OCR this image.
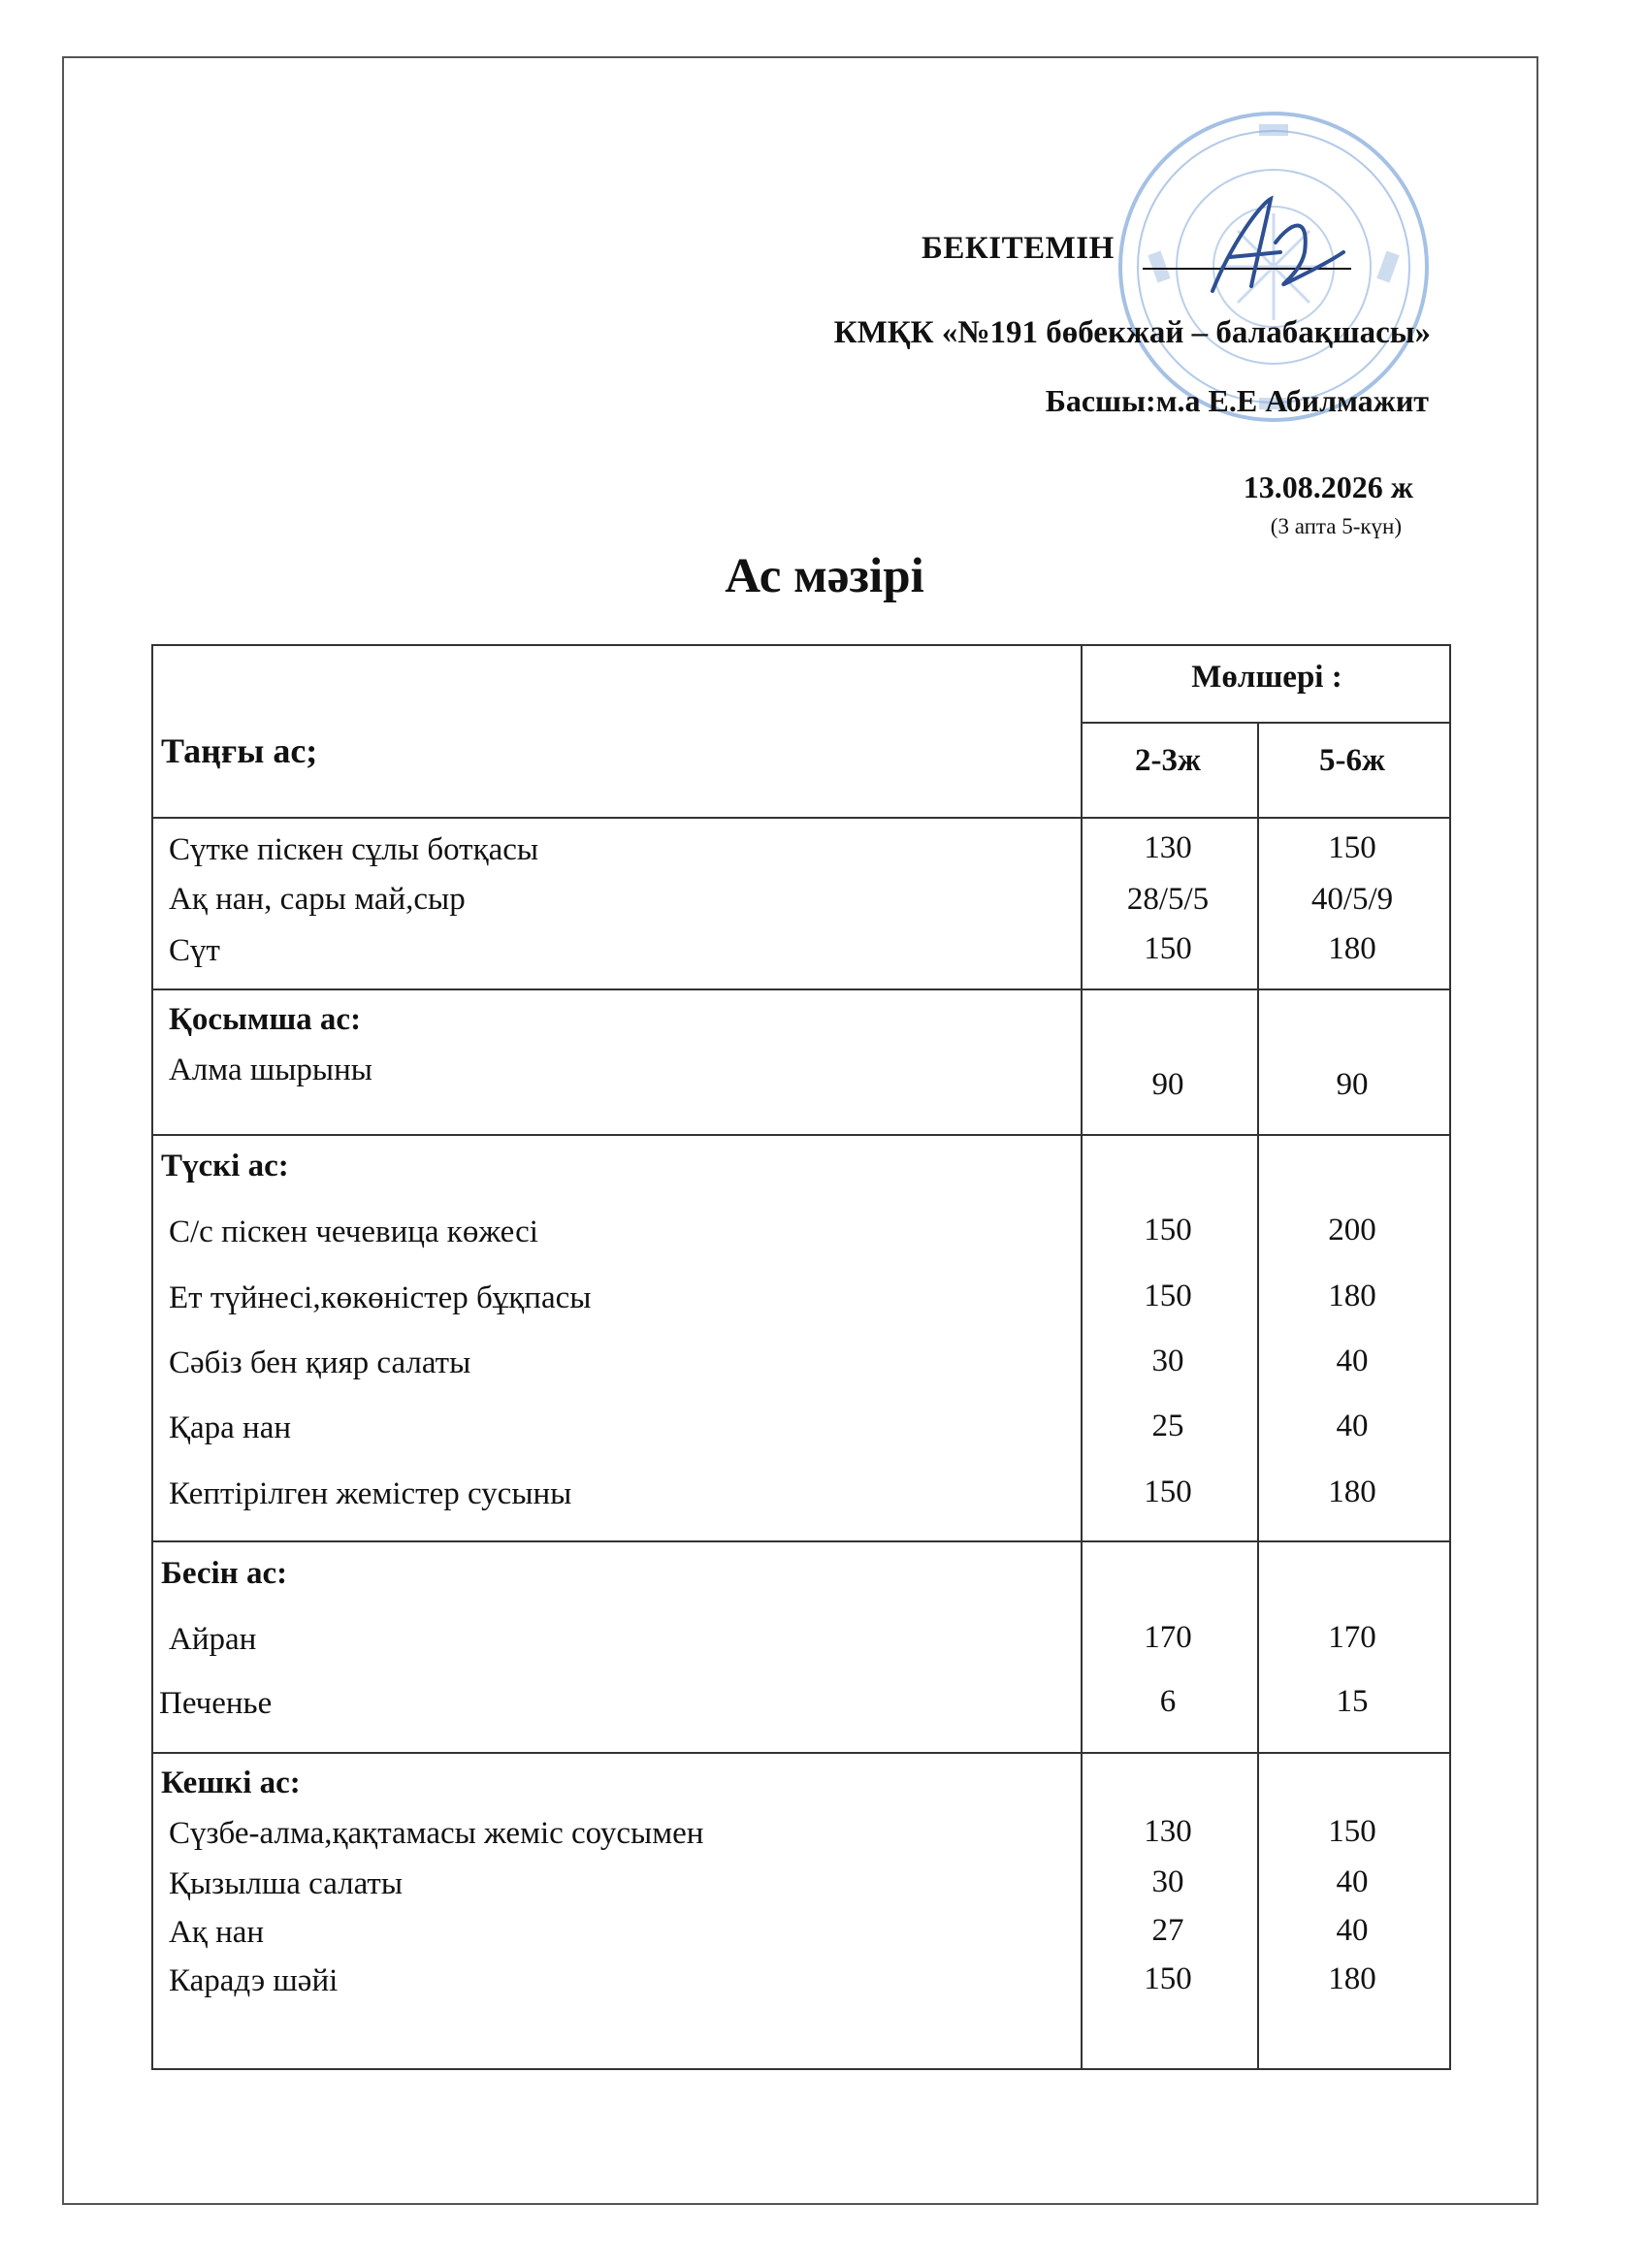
БЕКІТЕМІН
КМҚК «№191 бөбекжай – балабақшасы»
Басшы:м.а Е.Е Абилмажит
13.08.2026 ж
(3 апта 5-күн)
Ас мәзірі
Таңғы ас;
Мөлшері :
2-3ж	5-6ж
Сүтке піскен сұлы ботқасы	130	150
Ақ нан, сары май,сыр	28/5/5	40/5/9
Сүт	150	180
Қосымша ас:
Алма шырыны	90	90
Түскі ас:
С/с піскен чечевица көжесі	150	200
Ет түйнесі,көкөністер бұқпасы	150	180
Сәбіз бен қияр салаты	30	40
Қара нан	25	40
Кептірілген жемістер сусыны	150	180
Бесін ас:
Айран	170	170
Печенье	6	15
Кешкі ас:
Сүзбе-алма,қақтамасы жеміс соусымен	130	150
Қызылша салаты	30	40
Ақ нан	27	40
Карадэ шәйі	150	180
